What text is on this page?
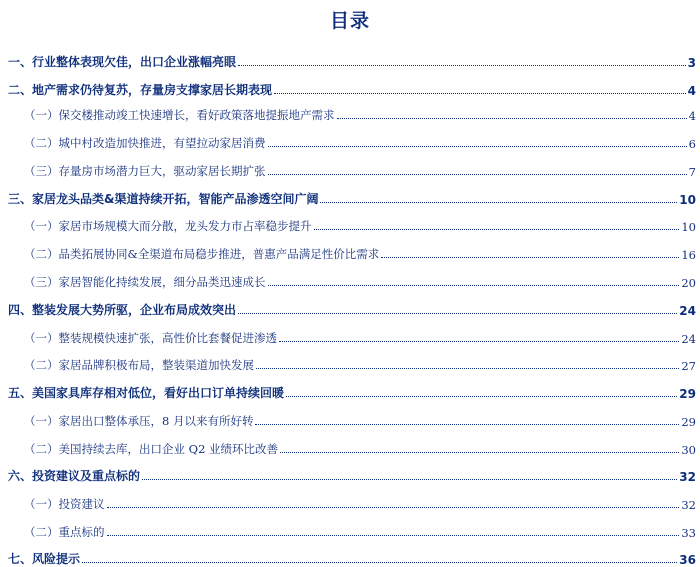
目录
一、行业整体表现欠佳，出口企业涨幅亮眼	3
二、地产需求仍待复苏，存量房支撑家居长期表现	4
（一）保交楼推动竣工快速增长，看好政策落地提振地产需求	4
（二）城中村改造加快推进，有望拉动家居消费	6
（三）存量房市场潜力巨大，驱动家居长期扩张	7
三、家居龙头品类&渠道持续开拓，智能产品渗透空间广阔	10
（一）家居市场规模大而分散，龙头发力市占率稳步提升	10
（二）品类拓展协同&全渠道布局稳步推进，普惠产品满足性价比需求	16
（三）家居智能化持续发展，细分品类迅速成长	20
四、整装发展大势所驱，企业布局成效突出	24
（一）整装规模快速扩张，高性价比套餐促进渗透	24
（二）家居品牌积极布局，整装渠道加快发展	27
五、美国家具库存相对低位，看好出口订单持续回暖	29
（一）家居出口整体承压，8 月以来有所好转	29
（二）美国持续去库，出口企业 Q2 业绩环比改善	30
六、投资建议及重点标的	32
（一）投资建议	32
（二）重点标的	33
七、风险提示	36
